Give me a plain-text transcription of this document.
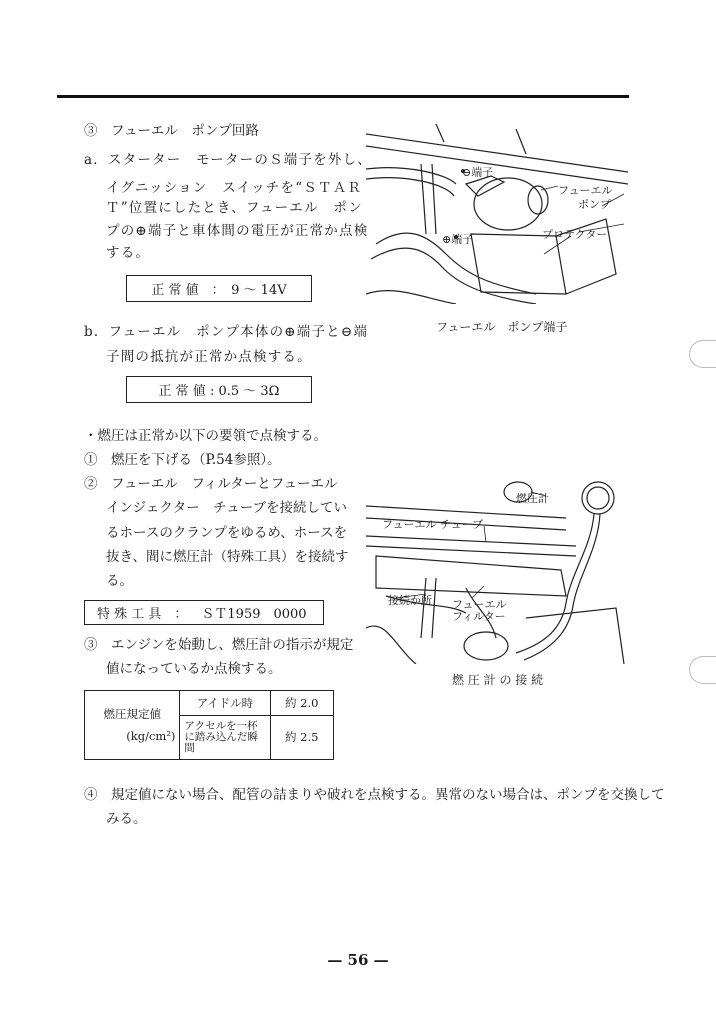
③　フューエル　ポンプ回路
a．スターター　モーターのＳ端子を外し、
イグニッション　スイッチを“ＳＴＡＲ
Ｔ”位置にしたとき、フューエル　ポン
プの⊕端子と車体間の電圧が正常か点検
する。
正 常 値　：　9 ～ 14V
b．フューエル　ポンプ本体の⊕端子と⊖端
子間の抵抗が正常か点検する。
正 常 値 : 0.5 ～ 3Ω
・燃圧は正常か以下の要領で点検する。
①　燃圧を下げる（P.54参照）。
②　フューエル　フィルターとフューエル
インジェクター　チューブを接続してい
るホースのクランプをゆるめ、ホースを
抜き、間に燃圧計（特殊工具）を接続す
る。
特 殊 工 具　： ＳＴ1959　0000
③　エンジンを始動し、燃圧計の指示が規定
値になっているか点検する。
燃圧規定値
(kg/cm²)	アイドル時	約 2.0
	アクセルを一杯に踏み込んだ瞬間	約 2.5
④　規定値にない場合、配管の詰まりや破れを点検する。異常のない場合は、ポンプを交換して
みる。
⊖端子
フューエル
ポンプ
⊕端子	プロテクター
フューエル　ポンプ端子
燃圧計
フューエル チューブ
接続か所 フューエル
フィルター
燃 圧 計 の 接 続
— 56 —
